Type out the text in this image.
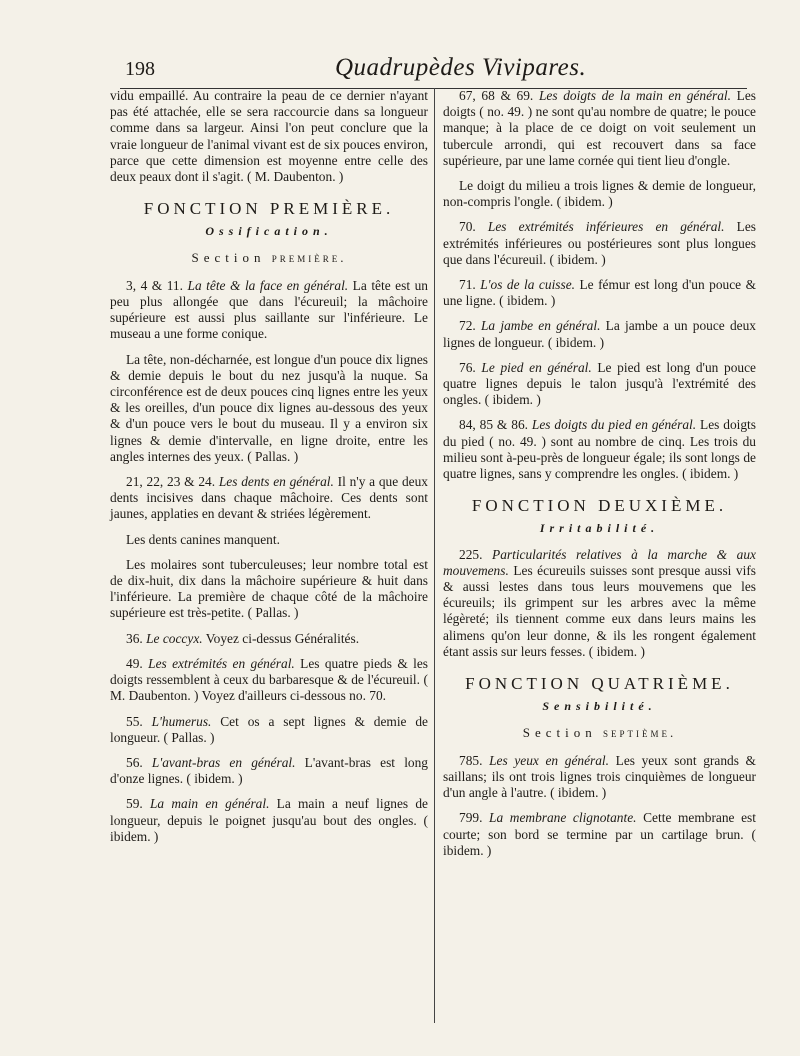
198	Quadrupèdes Vivipares.

vidu empaillé. Au contraire la peau de ce dernier n'ayant pas été attachée, elle se sera raccourcie dans sa longueur comme dans sa largeur. Ainsi l'on peut conclure que la vraie longueur de l'animal vivant est de six pouces environ, parce que cette dimension est moyenne entre celle des deux peaux dont il s'agit. ( M. Daubenton. )

FONCTION PREMIÈRE.
Ossification.
Section première.

3, 4 & 11. La tête & la face en général. La tête est un peu plus allongée que dans l'écureuil; la mâchoire supérieure est aussi plus saillante sur l'inférieure. Le museau a une forme conique.

La tête, non-décharnée, est longue d'un pouce dix lignes & demie depuis le bout du nez jusqu'à la nuque. Sa circonférence est de deux pouces cinq lignes entre les yeux & les oreilles, d'un pouce dix lignes au-dessous des yeux & d'un pouce vers le bout du museau. Il y a environ six lignes & demie d'intervalle, en ligne droite, entre les angles internes des yeux. ( Pallas. )

21, 22, 23 & 24. Les dents en général. Il n'y a que deux dents incisives dans chaque mâchoire. Ces dents sont jaunes, applaties en devant & striées légèrement.

Les dents canines manquent.

Les molaires sont tuberculeuses; leur nombre total est de dix-huit, dix dans la mâchoire supérieure & huit dans l'inférieure. La première de chaque côté de la mâchoire supérieure est très-petite. ( Pallas. )

36. Le coccyx. Voyez ci-dessus Généralités.

49. Les extrémités en général. Les quatre pieds & les doigts ressemblent à ceux du barbaresque & de l'écureuil. ( M. Daubenton. ) Voyez d'ailleurs ci-dessous no. 70.

55. L'humerus. Cet os a sept lignes & demie de longueur. ( Pallas. )

56. L'avant-bras en général. L'avant-bras est long d'onze lignes. ( ibidem. )

59. La main en général. La main a neuf lignes de longueur, depuis le poignet jusqu'au bout des ongles. ( ibidem. )

67, 68 & 69. Les doigts de la main en général. Les doigts ( no. 49. ) ne sont qu'au nombre de quatre; le pouce manque; à la place de ce doigt on voit seulement un tubercule arrondi, qui est recouvert dans sa face supérieure, par une lame cornée qui tient lieu d'ongle.

Le doigt du milieu a trois lignes & demie de longueur, non-compris l'ongle. ( ibidem. )

70. Les extrémités inférieures en général. Les extrémités inférieures ou postérieures sont plus longues que dans l'écureuil. ( ibidem. )

71. L'os de la cuisse. Le fémur est long d'un pouce & une ligne. ( ibidem. )

72. La jambe en général. La jambe a un pouce deux lignes de longueur. ( ibidem. )

76. Le pied en général. Le pied est long d'un pouce quatre lignes depuis le talon jusqu'à l'extrémité des ongles. ( ibidem. )

84, 85 & 86. Les doigts du pied en général. Les doigts du pied ( no. 49. ) sont au nombre de cinq. Les trois du milieu sont à-peu-près de longueur égale; ils sont longs de quatre lignes, sans y comprendre les ongles. ( ibidem. )

FONCTION DEUXIÈME.
Irritabilité.

225. Particularités relatives à la marche & aux mouvemens. Les écureuils suisses sont presque aussi vifs & aussi lestes dans tous leurs mouvemens que les écureuils; ils grimpent sur les arbres avec la même légèreté; ils tiennent comme eux dans leurs mains les alimens qu'on leur donne, & ils les rongent également étant assis sur leurs fesses. ( ibidem. )

FONCTION QUATRIÈME.
Sensibilité.
Section septième.

785. Les yeux en général. Les yeux sont grands & saillans; ils ont trois lignes trois cinquièmes de longueur d'un angle à l'autre. ( ibidem. )

799. La membrane clignotante. Cette membrane est courte; son bord se termine par un cartilage brun. ( ibidem. )
